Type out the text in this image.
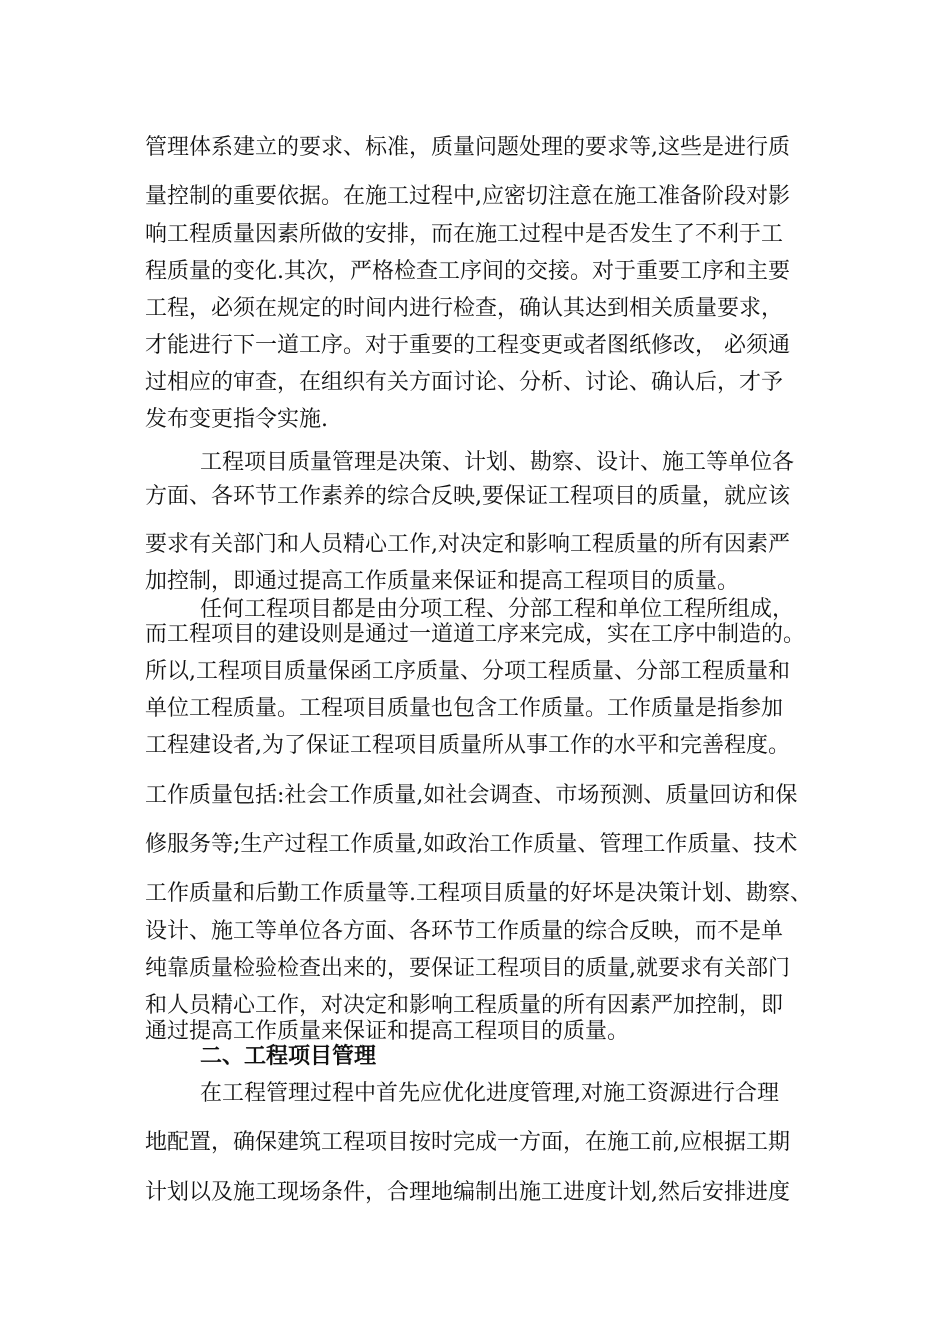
管理体系建立的要求、标准，质量问题处理的要求等,这些是进行质

量控制的重要依据。在施工过程中,应密切注意在施工准备阶段对影

响工程质量因素所做的安排，而在施工过程中是否发生了不利于工

程质量的变化.其次，严格检查工序间的交接。对于重要工序和主要

工程，必须在规定的时间内进行检查，确认其达到相关质量要求，

才能进行下一道工序。对于重要的工程变更或者图纸修改， 必须通

过相应的审查，在组织有关方面讨论、分析、讨论、确认后，才予

发布变更指令实施.

工程项目质量管理是决策、计划、勘察、设计、施工等单位各

方面、各环节工作素养的综合反映,要保证工程项目的质量，就应该

要求有关部门和人员精心工作,对决定和影响工程质量的所有因素严

加控制，即通过提高工作质量来保证和提高工程项目的质量。

任何工程项目都是由分项工程、分部工程和单位工程所组成，

而工程项目的建设则是通过一道道工序来完成，实在工序中制造的。

所以,工程项目质量保函工序质量、分项工程质量、分部工程质量和

单位工程质量。工程项目质量也包含工作质量。工作质量是指参加

工程建设者,为了保证工程项目质量所从事工作的水平和完善程度。

工作质量包括:社会工作质量,如社会调查、市场预测、质量回访和保

修服务等;生产过程工作质量,如政治工作质量、管理工作质量、技术

工作质量和后勤工作质量等.工程项目质量的好坏是决策计划、勘察、

设计、施工等单位各方面、各环节工作质量的综合反映，而不是单

纯靠质量检验检查出来的，要保证工程项目的质量,就要求有关部门

和人员精心工作，对决定和影响工程质量的所有因素严加控制，即

通过提高工作质量来保证和提高工程项目的质量。

二、工程项目管理

在工程管理过程中首先应优化进度管理,对施工资源进行合理

地配置，确保建筑工程项目按时完成一方面，在施工前,应根据工期

计划以及施工现场条件，合理地编制出施工进度计划,然后安排进度
